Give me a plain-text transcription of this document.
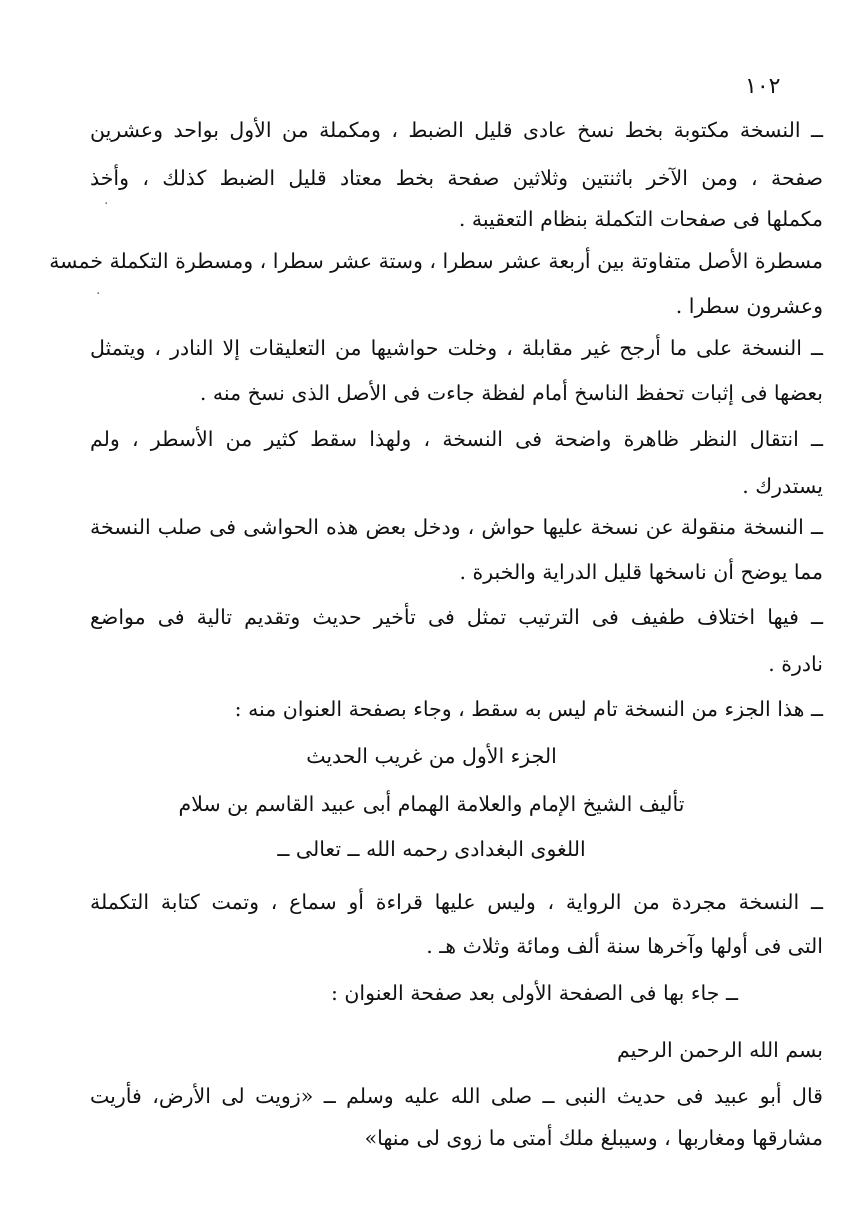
١٠٢
ــ النسخة مكتوبة بخط نسخ عادى قليل الضبط ، ومكملة من الأول بواحد وعشرين
صفحة ، ومن الآخر باثنتين وثلاثين صفحة بخط معتاد قليل الضبط كذلك ، وأخذ
مكملها فى صفحات التكملة بنظام التعقيبة .
مسطرة الأصل متفاوتة بين أربعة عشر سطرا ، وستة عشر سطرا ، ومسطرة التكملة خمسة
وعشرون سطرا .
ــ النسخة على ما أرجح غير مقابلة ، وخلت حواشيها من التعليقات إلا النادر ، ويتمثل
بعضها فى إثبات تحفظ الناسخ أمام لفظة جاءت فى الأصل الذى نسخ منه .
ــ انتقال النظر ظاهرة واضحة فى النسخة ، ولهذا سقط كثير من الأسطر ، ولم
يستدرك .
ــ النسخة منقولة عن نسخة عليها حواش ، ودخل بعض هذه الحواشى فى صلب النسخة
مما يوضح أن ناسخها قليل الدراية والخبرة .
ــ فيها اختلاف طفيف فى الترتيب تمثل فى تأخير حديث وتقديم تالية فى مواضع
نادرة .
ــ هذا الجزء من النسخة تام ليس به سقط ، وجاء بصفحة العنوان منه :
الجزء الأول من غريب الحديث
تأليف الشيخ الإمام والعلامة الهمام أبى عبيد القاسم بن سلام
اللغوى البغدادى رحمه الله ــ تعالى ــ
ــ النسخة مجردة من الرواية ، وليس عليها قراءة أو سماع ، وتمت كتابة التكملة
التى فى أولها وآخرها سنة ألف ومائة وثلاث هـ .
ــ جاء بها فى الصفحة الأولى بعد صفحة العنوان :
بسم الله الرحمن الرحيم
قال أبو عبيد فى حديث النبى ــ صلى الله عليه وسلم ــ «زويت لى الأرض، فأريت
مشارقها ومغاربها ، وسيبلغ ملك أمتى ما زوى لى منها»
·
·
